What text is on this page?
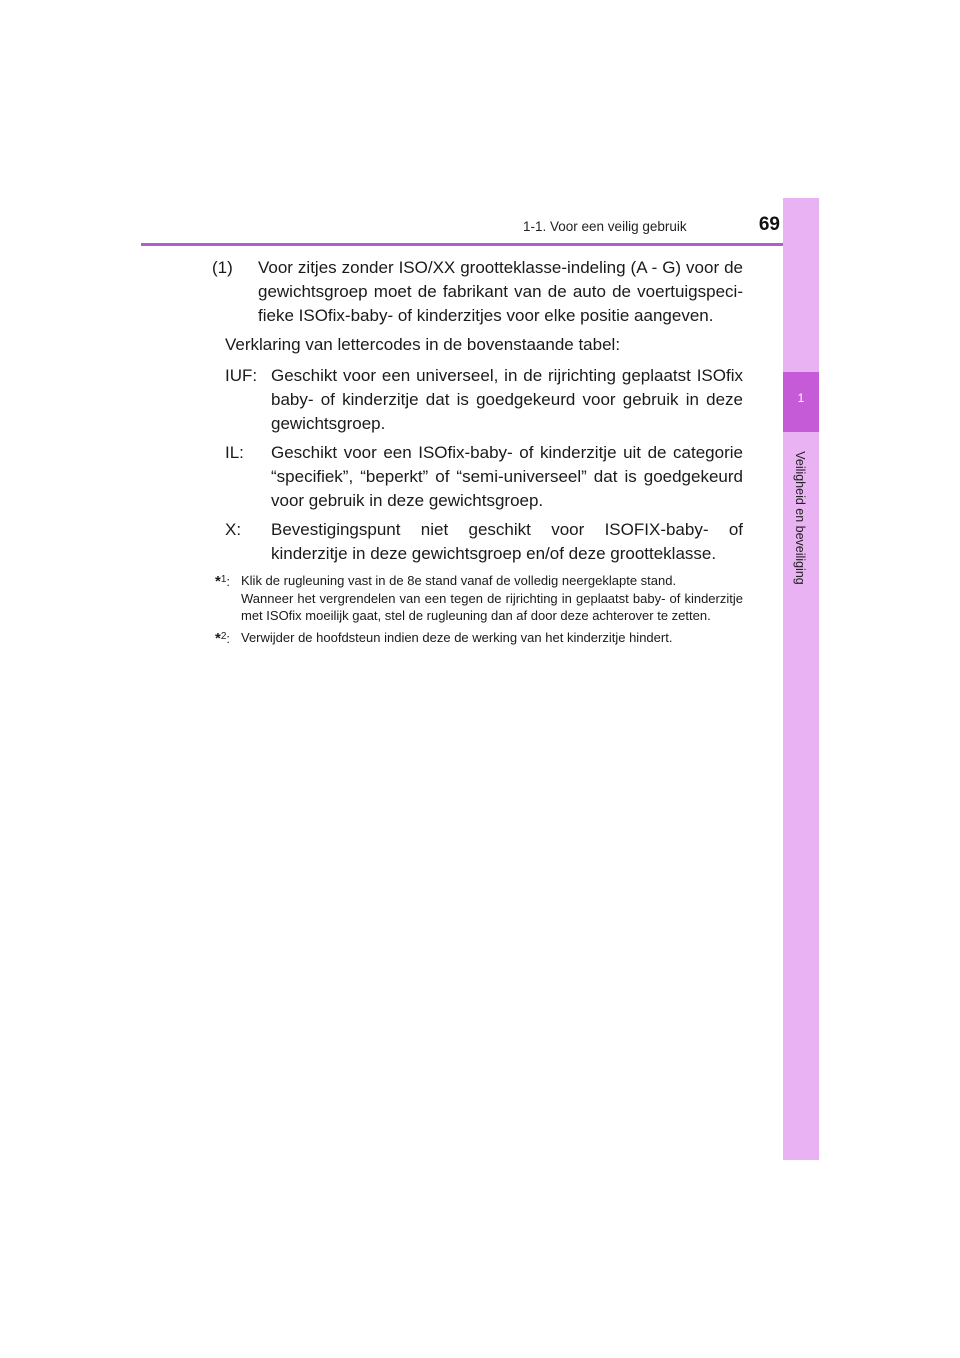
1-1. Voor een veilig gebruik	69
1
Veiligheid en beveiliging

(1) Voor zitjes zonder ISO/XX grootteklasse-indeling (A - G) voor de gewichtsgroep moet de fabrikant van de auto de voertuigspecifieke ISOfix-baby- of kinderzitjes voor elke positie aangeven.

Verklaring van lettercodes in de bovenstaande tabel:

IUF: Geschikt voor een universeel, in de rijrichting geplaatst ISOfix baby- of kinderzitje dat is goedgekeurd voor gebruik in deze gewichtsgroep.

IL: Geschikt voor een ISOfix-baby- of kinderzitje uit de categorie “specifiek”, “beperkt” of “semi-universeel” dat is goedgekeurd voor gebruik in deze gewichtsgroep.

X: Bevestigingspunt niet geschikt voor ISOFIX-baby- of kinderzitje in deze gewichtsgroep en/of deze grootteklasse.

*$^1$: Klik de rugleuning vast in de 8e stand vanaf de volledig neergeklapte stand.
Wanneer het vergrendelen van een tegen de rijrichting in geplaatst baby- of kinderzitje met ISOfix moeilijk gaat, stel de rugleuning dan af door deze achterover te zetten.
*$^2$: Verwijder de hoofdsteun indien deze de werking van het kinderzitje hindert.
